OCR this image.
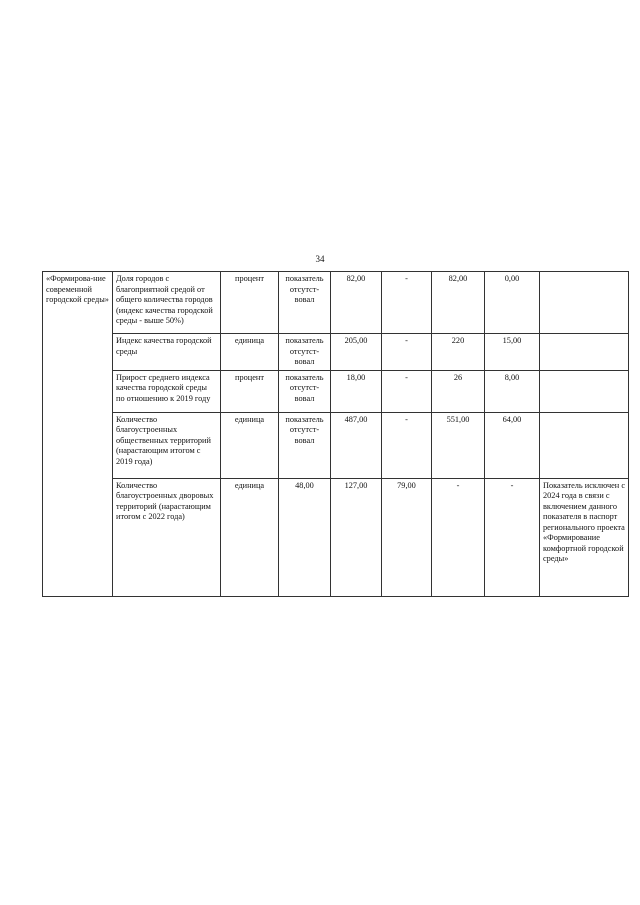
34
«Формирова-ние современной городской среды»	Доля городов с благоприятной средой от общего количества городов (индекс качества городской среды - выше 50%)	процент	показатель отсутст-вовал	82,00	-	82,00	0,00	
	Индекс качества городской среды	единица	показатель отсутст-вовал	205,00	-	220	15,00	
	Прирост среднего индекса качества городской среды по отношению к 2019 году	процент	показатель отсутст-вовал	18,00	-	26	8,00	
	Количество благоустроенных общественных территорий (нарастающим итогом с 2019 года)	единица	показатель отсутст-вовал	487,00	-	551,00	64,00	
	Количество благоустроенных дворовых территорий (нарастающим итогом с 2022 года)	единица	48,00	127,00	79,00	-	-	Показатель исключен с 2024 года в связи с включением данного показателя в паспорт регионального проекта «Формирование комфортной городской среды»
